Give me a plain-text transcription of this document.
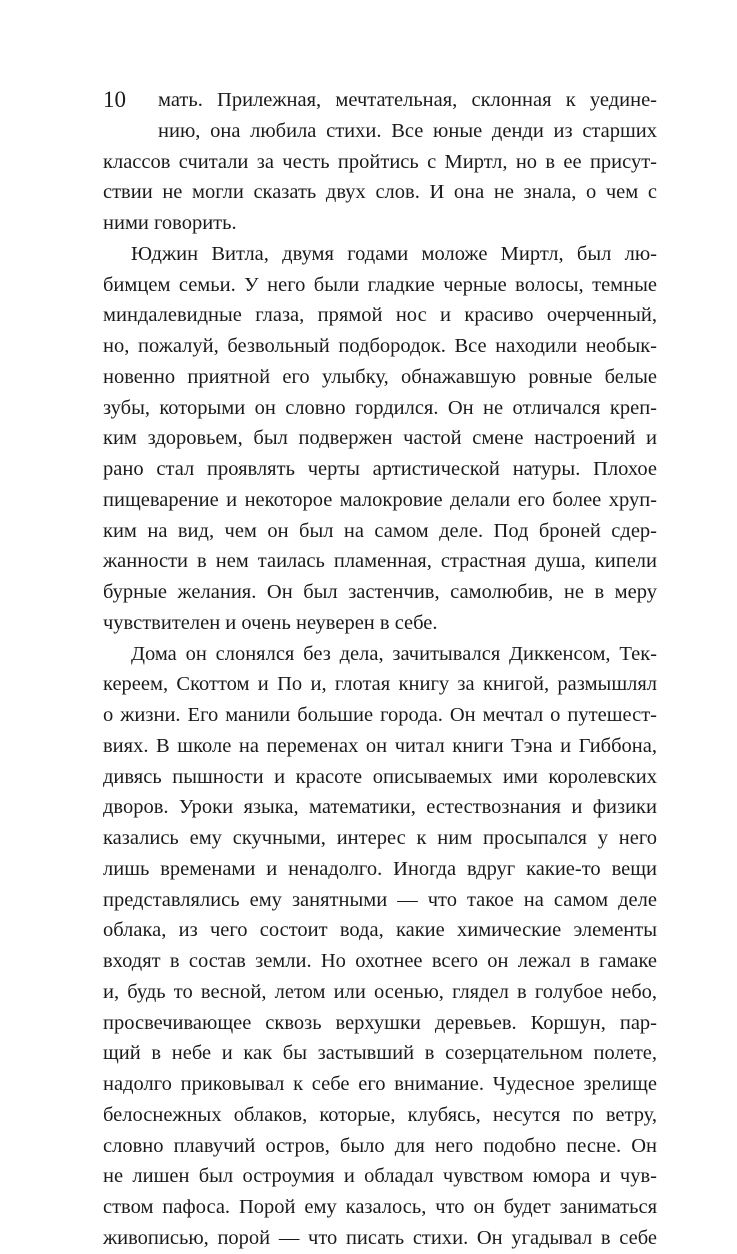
10 мать. Прилежная, мечтательная, склонная к уедине-
нию, она любила стихи. Все юные денди из старших
классов считали за честь пройтись с Миртл, но в ее присут-
ствии не могли сказать двух слов. И она не знала, о чем с
ними говорить.
Юджин Витла, двумя годами моложе Миртл, был лю-
бимцем семьи. У него были гладкие черные волосы, темные
миндалевидные глаза, прямой нос и красиво очерченный,
но, пожалуй, безвольный подбородок. Все находили необык-
новенно приятной его улыбку, обнажавшую ровные белые
зубы, которыми он словно гордился. Он не отличался креп-
ким здоровьем, был подвержен частой смене настроений и
рано стал проявлять черты артистической натуры. Плохое
пищеварение и некоторое малокровие делали его более хруп-
ким на вид, чем он был на самом деле. Под броней сдер-
жанности в нем таилась пламенная, страстная душа, кипели
бурные желания. Он был застенчив, самолюбив, не в меру
чувствителен и очень неуверен в себе.
Дома он слонялся без дела, зачитывался Диккенсом, Тек-
кереем, Скоттом и По и, глотая книгу за книгой, размышлял
о жизни. Его манили большие города. Он мечтал о путешест-
виях. В школе на переменах он читал книги Тэна и Гиббона,
дивясь пышности и красоте описываемых ими королевских
дворов. Уроки языка, математики, естествознания и физики
казались ему скучными, интерес к ним просыпался у него
лишь временами и ненадолго. Иногда вдруг какие-то вещи
представлялись ему занятными — что такое на самом деле
облака, из чего состоит вода, какие химические элементы
входят в состав земли. Но охотнее всего он лежал в гамаке
и, будь то весной, летом или осенью, глядел в голубое небо,
просвечивающее сквозь верхушки деревьев. Коршун, пар-
щий в небе и как бы застывший в созерцательном полете,
надолго приковывал к себе его внимание. Чудесное зрелище
белоснежных облаков, которые, клубясь, несутся по ветру,
словно плавучий остров, было для него подобно песне. Он
не лишен был остроумия и обладал чувством юмора и чув-
ством пафоса. Порой ему казалось, что он будет заниматься
живописью, порой — что писать стихи. Он угадывал в себе
